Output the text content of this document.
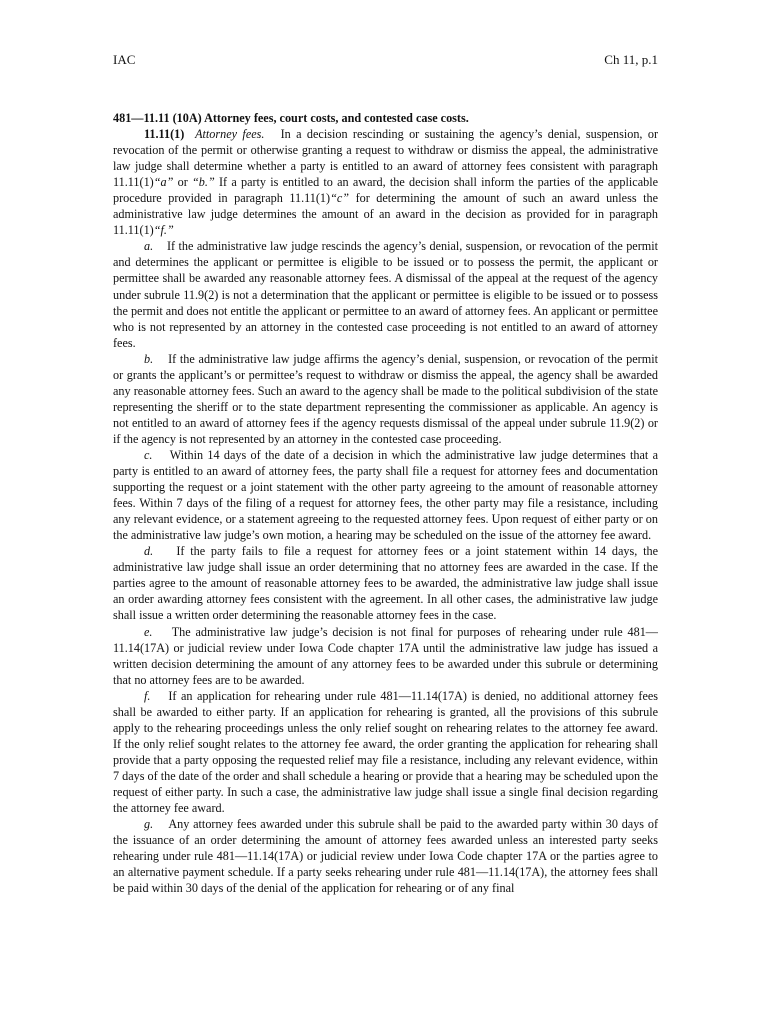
IAC	Ch 11, p.1

481—11.11 (10A) Attorney fees, court costs, and contested case costs.

11.11(1) Attorney fees. In a decision rescinding or sustaining the agency’s denial, suspension, or revocation of the permit or otherwise granting a request to withdraw or dismiss the appeal, the administrative law judge shall determine whether a party is entitled to an award of attorney fees consistent with paragraph 11.11(1)“a” or “b.” If a party is entitled to an award, the decision shall inform the parties of the applicable procedure provided in paragraph 11.11(1)“c” for determining the amount of such an award unless the administrative law judge determines the amount of an award in the decision as provided for in paragraph 11.11(1)“f.”

a. If the administrative law judge rescinds the agency’s denial, suspension, or revocation of the permit and determines the applicant or permittee is eligible to be issued or to possess the permit, the applicant or permittee shall be awarded any reasonable attorney fees. A dismissal of the appeal at the request of the agency under subrule 11.9(2) is not a determination that the applicant or permittee is eligible to be issued or to possess the permit and does not entitle the applicant or permittee to an award of attorney fees. An applicant or permittee who is not represented by an attorney in the contested case proceeding is not entitled to an award of attorney fees.

b. If the administrative law judge affirms the agency’s denial, suspension, or revocation of the permit or grants the applicant’s or permittee’s request to withdraw or dismiss the appeal, the agency shall be awarded any reasonable attorney fees. Such an award to the agency shall be made to the political subdivision of the state representing the sheriff or to the state department representing the commissioner as applicable. An agency is not entitled to an award of attorney fees if the agency requests dismissal of the appeal under subrule 11.9(2) or if the agency is not represented by an attorney in the contested case proceeding.

c. Within 14 days of the date of a decision in which the administrative law judge determines that a party is entitled to an award of attorney fees, the party shall file a request for attorney fees and documentation supporting the request or a joint statement with the other party agreeing to the amount of reasonable attorney fees. Within 7 days of the filing of a request for attorney fees, the other party may file a resistance, including any relevant evidence, or a statement agreeing to the requested attorney fees. Upon request of either party or on the administrative law judge’s own motion, a hearing may be scheduled on the issue of the attorney fee award.

d. If the party fails to file a request for attorney fees or a joint statement within 14 days, the administrative law judge shall issue an order determining that no attorney fees are awarded in the case. If the parties agree to the amount of reasonable attorney fees to be awarded, the administrative law judge shall issue an order awarding attorney fees consistent with the agreement. In all other cases, the administrative law judge shall issue a written order determining the reasonable attorney fees in the case.

e. The administrative law judge’s decision is not final for purposes of rehearing under rule 481—11.14(17A) or judicial review under Iowa Code chapter 17A until the administrative law judge has issued a written decision determining the amount of any attorney fees to be awarded under this subrule or determining that no attorney fees are to be awarded.

f. If an application for rehearing under rule 481—11.14(17A) is denied, no additional attorney fees shall be awarded to either party. If an application for rehearing is granted, all the provisions of this subrule apply to the rehearing proceedings unless the only relief sought on rehearing relates to the attorney fee award. If the only relief sought relates to the attorney fee award, the order granting the application for rehearing shall provide that a party opposing the requested relief may file a resistance, including any relevant evidence, within 7 days of the date of the order and shall schedule a hearing or provide that a hearing may be scheduled upon the request of either party. In such a case, the administrative law judge shall issue a single final decision regarding the attorney fee award.

g. Any attorney fees awarded under this subrule shall be paid to the awarded party within 30 days of the issuance of an order determining the amount of attorney fees awarded unless an interested party seeks rehearing under rule 481—11.14(17A) or judicial review under Iowa Code chapter 17A or the parties agree to an alternative payment schedule. If a party seeks rehearing under rule 481—11.14(17A), the attorney fees shall be paid within 30 days of the denial of the application for rehearing or of any final
